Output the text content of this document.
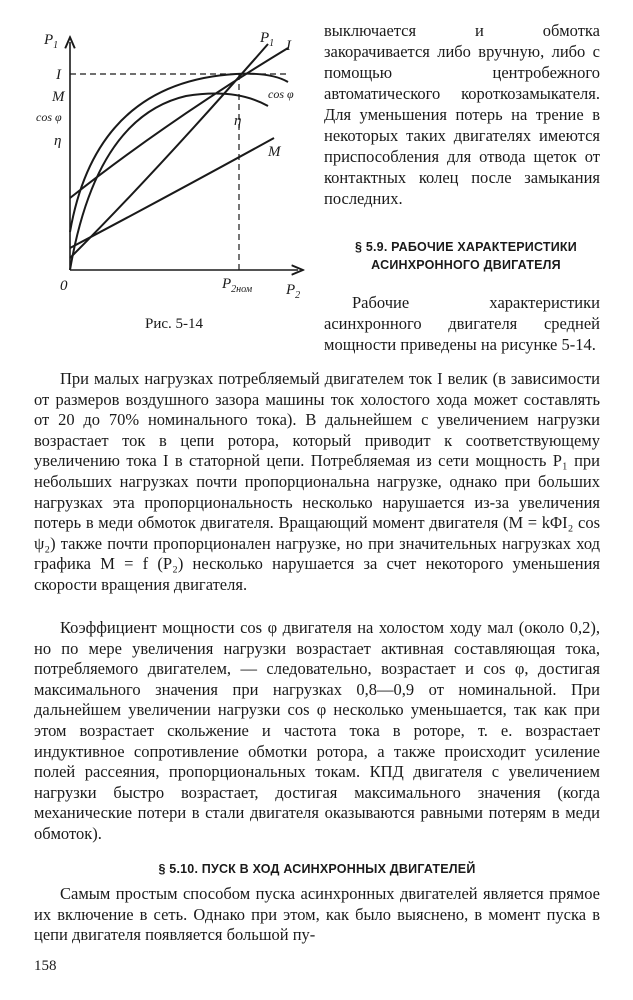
$P_1$
I
M
cos φ
η
$P_1$ I
cos φ
η
M
0	$P_{2ном}$ $P_2$
Рис. 5-14

выключается и обмотка закорачивается либо вручную, либо с помощью центробежного автоматического короткозамыкателя. Для уменьшения потерь на трение в некоторых таких двигателях имеются приспособления для отвода щеток от контактных колец после замыкания последних.

§ 5.9. РАБОЧИЕ ХАРАКТЕРИСТИКИ АСИНХРОННОГО ДВИГАТЕЛЯ
Рабочие характеристики асинхронного двигателя средней мощности приведены на рисунке 5-14.

При малых нагрузках потребляемый двигателем ток I велик (в зависимости от размеров воздушного зазора машины ток холостого хода может составлять от 20 до 70% номинального тока). В дальнейшем с увеличением нагрузки возрастает ток в цепи ротора, который приводит к соответствующему увеличению тока I в статорной цепи. Потребляемая из сети мощность P₁ при небольших нагрузках почти пропорциональна нагрузке, однако при больших нагрузках эта пропорциональность несколько нарушается из-за увеличения потерь в меди обмоток двигателя. Вращающий момент двигателя (M = kΦI₂ cos ψ₂) также почти пропорционален нагрузке, но при значительных нагрузках ход графика M = f (P₂) несколько нарушается за счет некоторого уменьшения скорости вращения двигателя.

Коэффициент мощности cos φ двигателя на холостом ходу мал (около 0,2), но по мере увеличения нагрузки возрастает активная составляющая тока, потребляемого двигателем, — следовательно, возрастает и cos φ, достигая максимального значения при нагрузках 0,8—0,9 от номинальной. При дальнейшем увеличении нагрузки cos φ несколько уменьшается, так как при этом возрастает скольжение и частота тока в роторе, т. е. возрастает индуктивное сопротивление обмотки ротора, а также происходит усиление полей рассеяния, пропорциональных токам. КПД двигателя с увеличением нагрузки быстро возрастает, достигая максимального значения (когда механические потери в стали двигателя оказываются равными потерям в меди обмоток).

§ 5.10. ПУСК В ХОД АСИНХРОННЫХ ДВИГАТЕЛЕЙ

Самым простым способом пуска асинхронных двигателей является прямое их включение в сеть. Однако при этом, как было выяснено, в момент пуска в цепи двигателя появляется большой пу-

158
